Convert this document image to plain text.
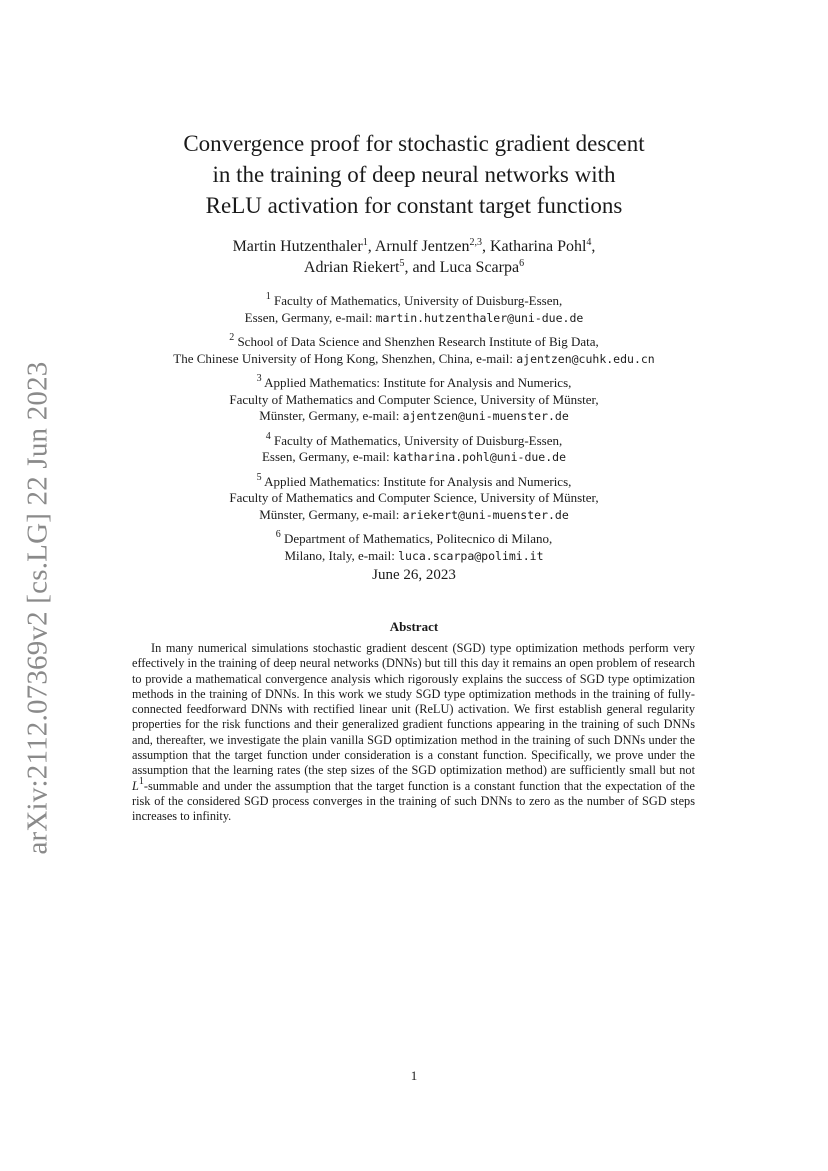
arXiv:2112.07369v2 [cs.LG] 22 Jun 2023
Convergence proof for stochastic gradient descent
in the training of deep neural networks with
ReLU activation for constant target functions
Martin Hutzenthaler$^1$, Arnulf Jentzen$^{2,3}$, Katharina Pohl$^4$,
Adrian Riekert$^5$, and Luca Scarpa$^6$
$^1$ Faculty of Mathematics, University of Duisburg-Essen,
Essen, Germany, e-mail: martin.hutzenthaler@uni-due.de
$^2$ School of Data Science and Shenzhen Research Institute of Big Data,
The Chinese University of Hong Kong, Shenzhen, China, e-mail: ajentzen@cuhk.edu.cn
$^3$ Applied Mathematics: Institute for Analysis and Numerics,
Faculty of Mathematics and Computer Science, University of Münster,
Münster, Germany, e-mail: ajentzen@uni-muenster.de
$^4$ Faculty of Mathematics, University of Duisburg-Essen,
Essen, Germany, e-mail: katharina.pohl@uni-due.de
$^5$ Applied Mathematics: Institute for Analysis and Numerics,
Faculty of Mathematics and Computer Science, University of Münster,
Münster, Germany, e-mail: ariekert@uni-muenster.de
$^6$ Department of Mathematics, Politecnico di Milano,
Milano, Italy, e-mail: luca.scarpa@polimi.it
June 26, 2023
Abstract
In many numerical simulations stochastic gradient descent (SGD) type optimization methods perform very effectively in the training of deep neural networks (DNNs) but till this day it remains an open problem of research to provide a mathematical convergence analysis which rigorously explains the success of SGD type optimization methods in the training of DNNs. In this work we study SGD type optimization methods in the training of fully-connected feedforward DNNs with rectified linear unit (ReLU) activation. We first establish general regularity properties for the risk functions and their generalized gradient functions appearing in the training of such DNNs and, thereafter, we investigate the plain vanilla SGD optimization method in the training of such DNNs under the assumption that the target function under consideration is a constant function. Specifically, we prove under the assumption that the learning rates (the step sizes of the SGD optimization method) are sufficiently small but not $L^1$-summable and under the assumption that the target function is a constant function that the expectation of the risk of the considered SGD process converges in the training of such DNNs to zero as the number of SGD steps increases to infinity.
1
